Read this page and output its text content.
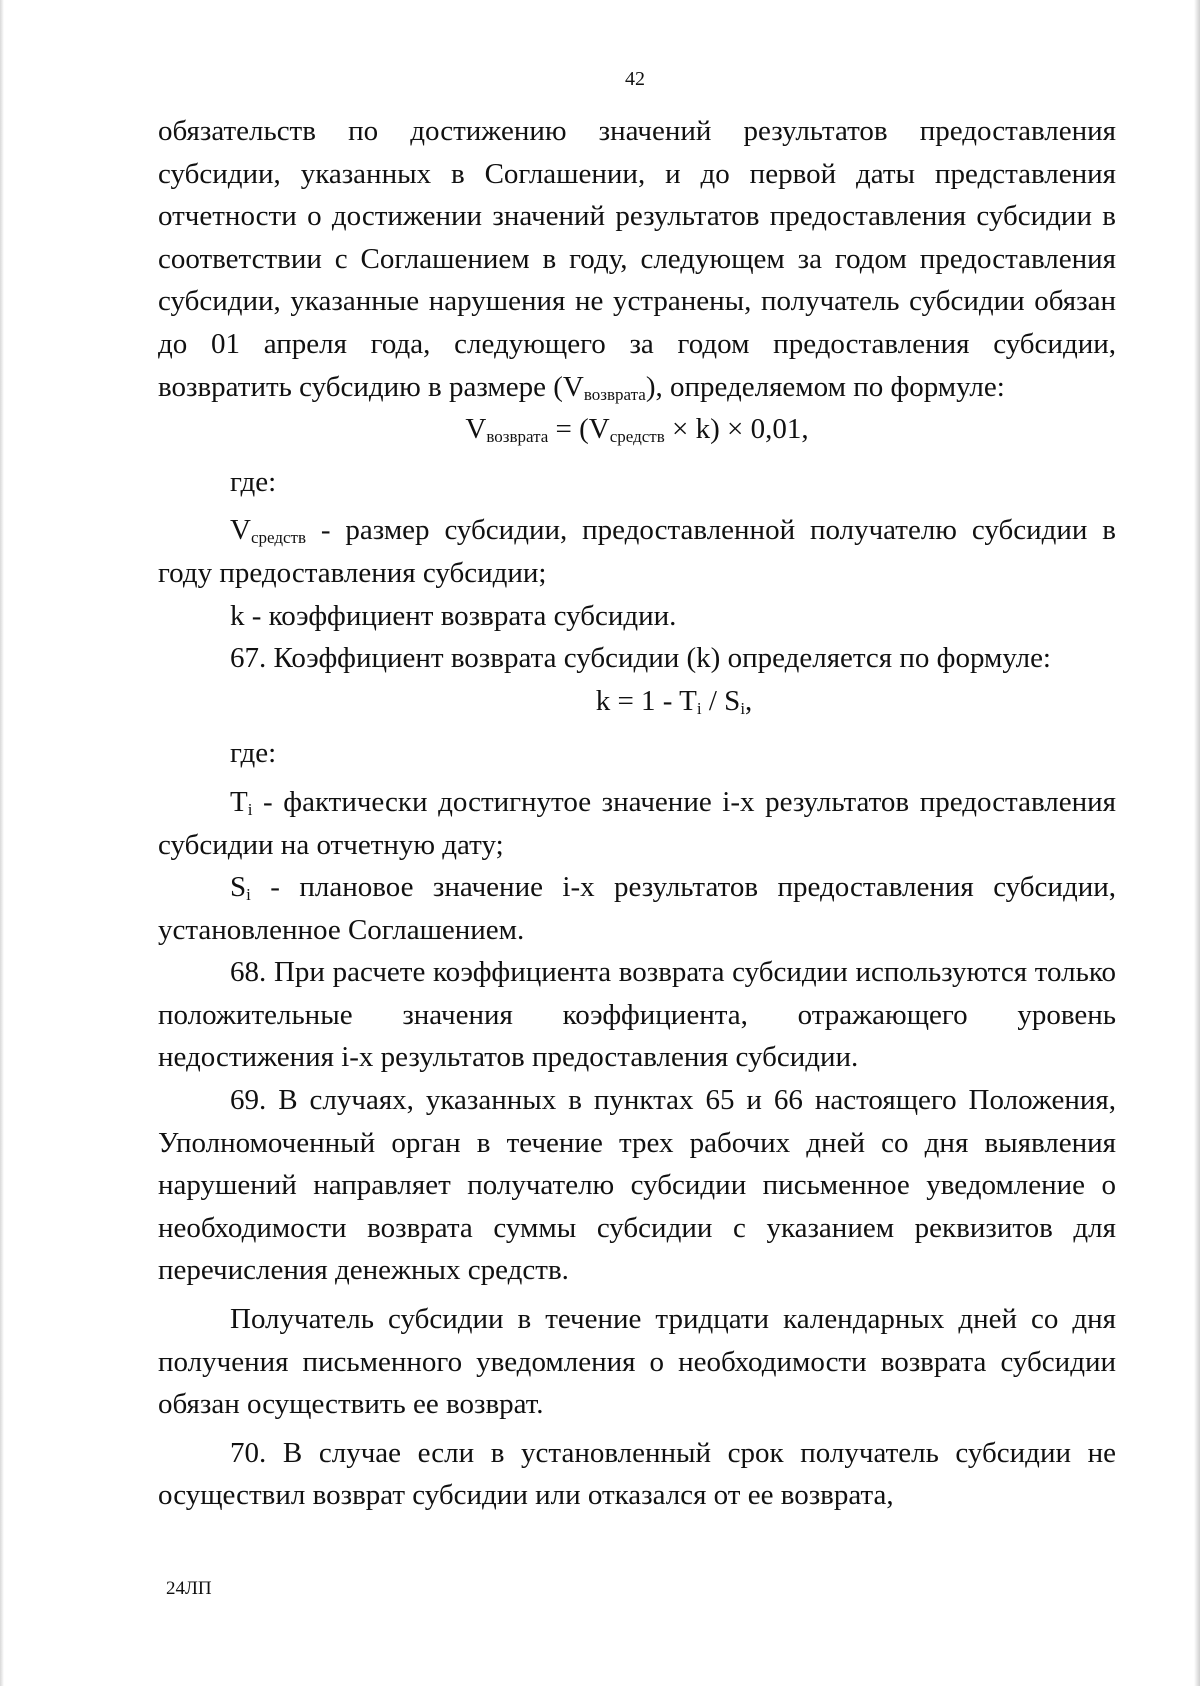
42

обязательств по достижению значений результатов предоставления субсидии, указанных в Соглашении, и до первой даты представления отчетности о достижении значений результатов предоставления субсидии в соответствии с Соглашением в году, следующем за годом предоставления субсидии, указанные нарушения не устранены, получатель субсидии обязан до 01 апреля года, следующего за годом предоставления субсидии, возвратить субсидию в размере $(V_{возврата})$, определяемом по формуле:

$V_{возврата} = (V_{средств} \times k) \times 0,01$,

где:

$V_{средств}$ - размер субсидии, предоставленной получателю субсидии в году предоставления субсидии;

k - коэффициент возврата субсидии.

67. Коэффициент возврата субсидии (k) определяется по формуле:

$k = 1 - T_i / S_i$,

где:

$T_i$ - фактически достигнутое значение i-х результатов предоставления субсидии на отчетную дату;

$S_i$ - плановое значение i-х результатов предоставления субсидии, установленное Соглашением.

68. При расчете коэффициента возврата субсидии используются только положительные значения коэффициента, отражающего уровень недостижения i-х результатов предоставления субсидии.

69. В случаях, указанных в пунктах 65 и 66 настоящего Положения, Уполномоченный орган в течение трех рабочих дней со дня выявления нарушений направляет получателю субсидии письменное уведомление о необходимости возврата суммы субсидии с указанием реквизитов для перечисления денежных средств.

Получатель субсидии в течение тридцати календарных дней со дня получения письменного уведомления о необходимости возврата субсидии обязан осуществить ее возврат.

70. В случае если в установленный срок получатель субсидии не осуществил возврат субсидии или отказался от ее возврата,

24ЛП
